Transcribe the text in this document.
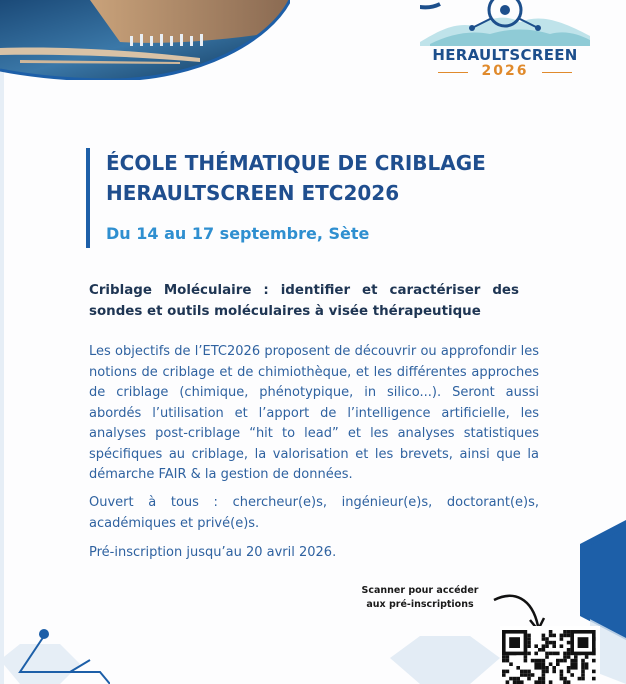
HERAULTSCREEN
2026
ÉCOLE THÉMATIQUE DE CRIBLAGE
HERAULTSCREEN ETC2026
Du 14 au 17 septembre, Sète
Criblage Moléculaire : identifier et caractériser des sondes et outils moléculaires à visée thérapeutique
Les objectifs de l’ETC2026 proposent de découvrir ou approfondir les notions de criblage et de chimiothèque, et les différentes approches de criblage (chimique, phénotypique, in silico...). Seront aussi abordés l’utilisation et l’apport de l’intelligence artificielle, les analyses post-criblage “hit to lead” et les analyses statistiques spécifiques au criblage, la valorisation et les brevets, ainsi que la démarche FAIR & la gestion de données.
Ouvert à tous : chercheur(e)s, ingénieur(e)s, doctorant(e)s, académiques et privé(e)s.
Pré-inscription jusqu’au 20 avril 2026.
Scanner pour accéder
aux pré-inscriptions
